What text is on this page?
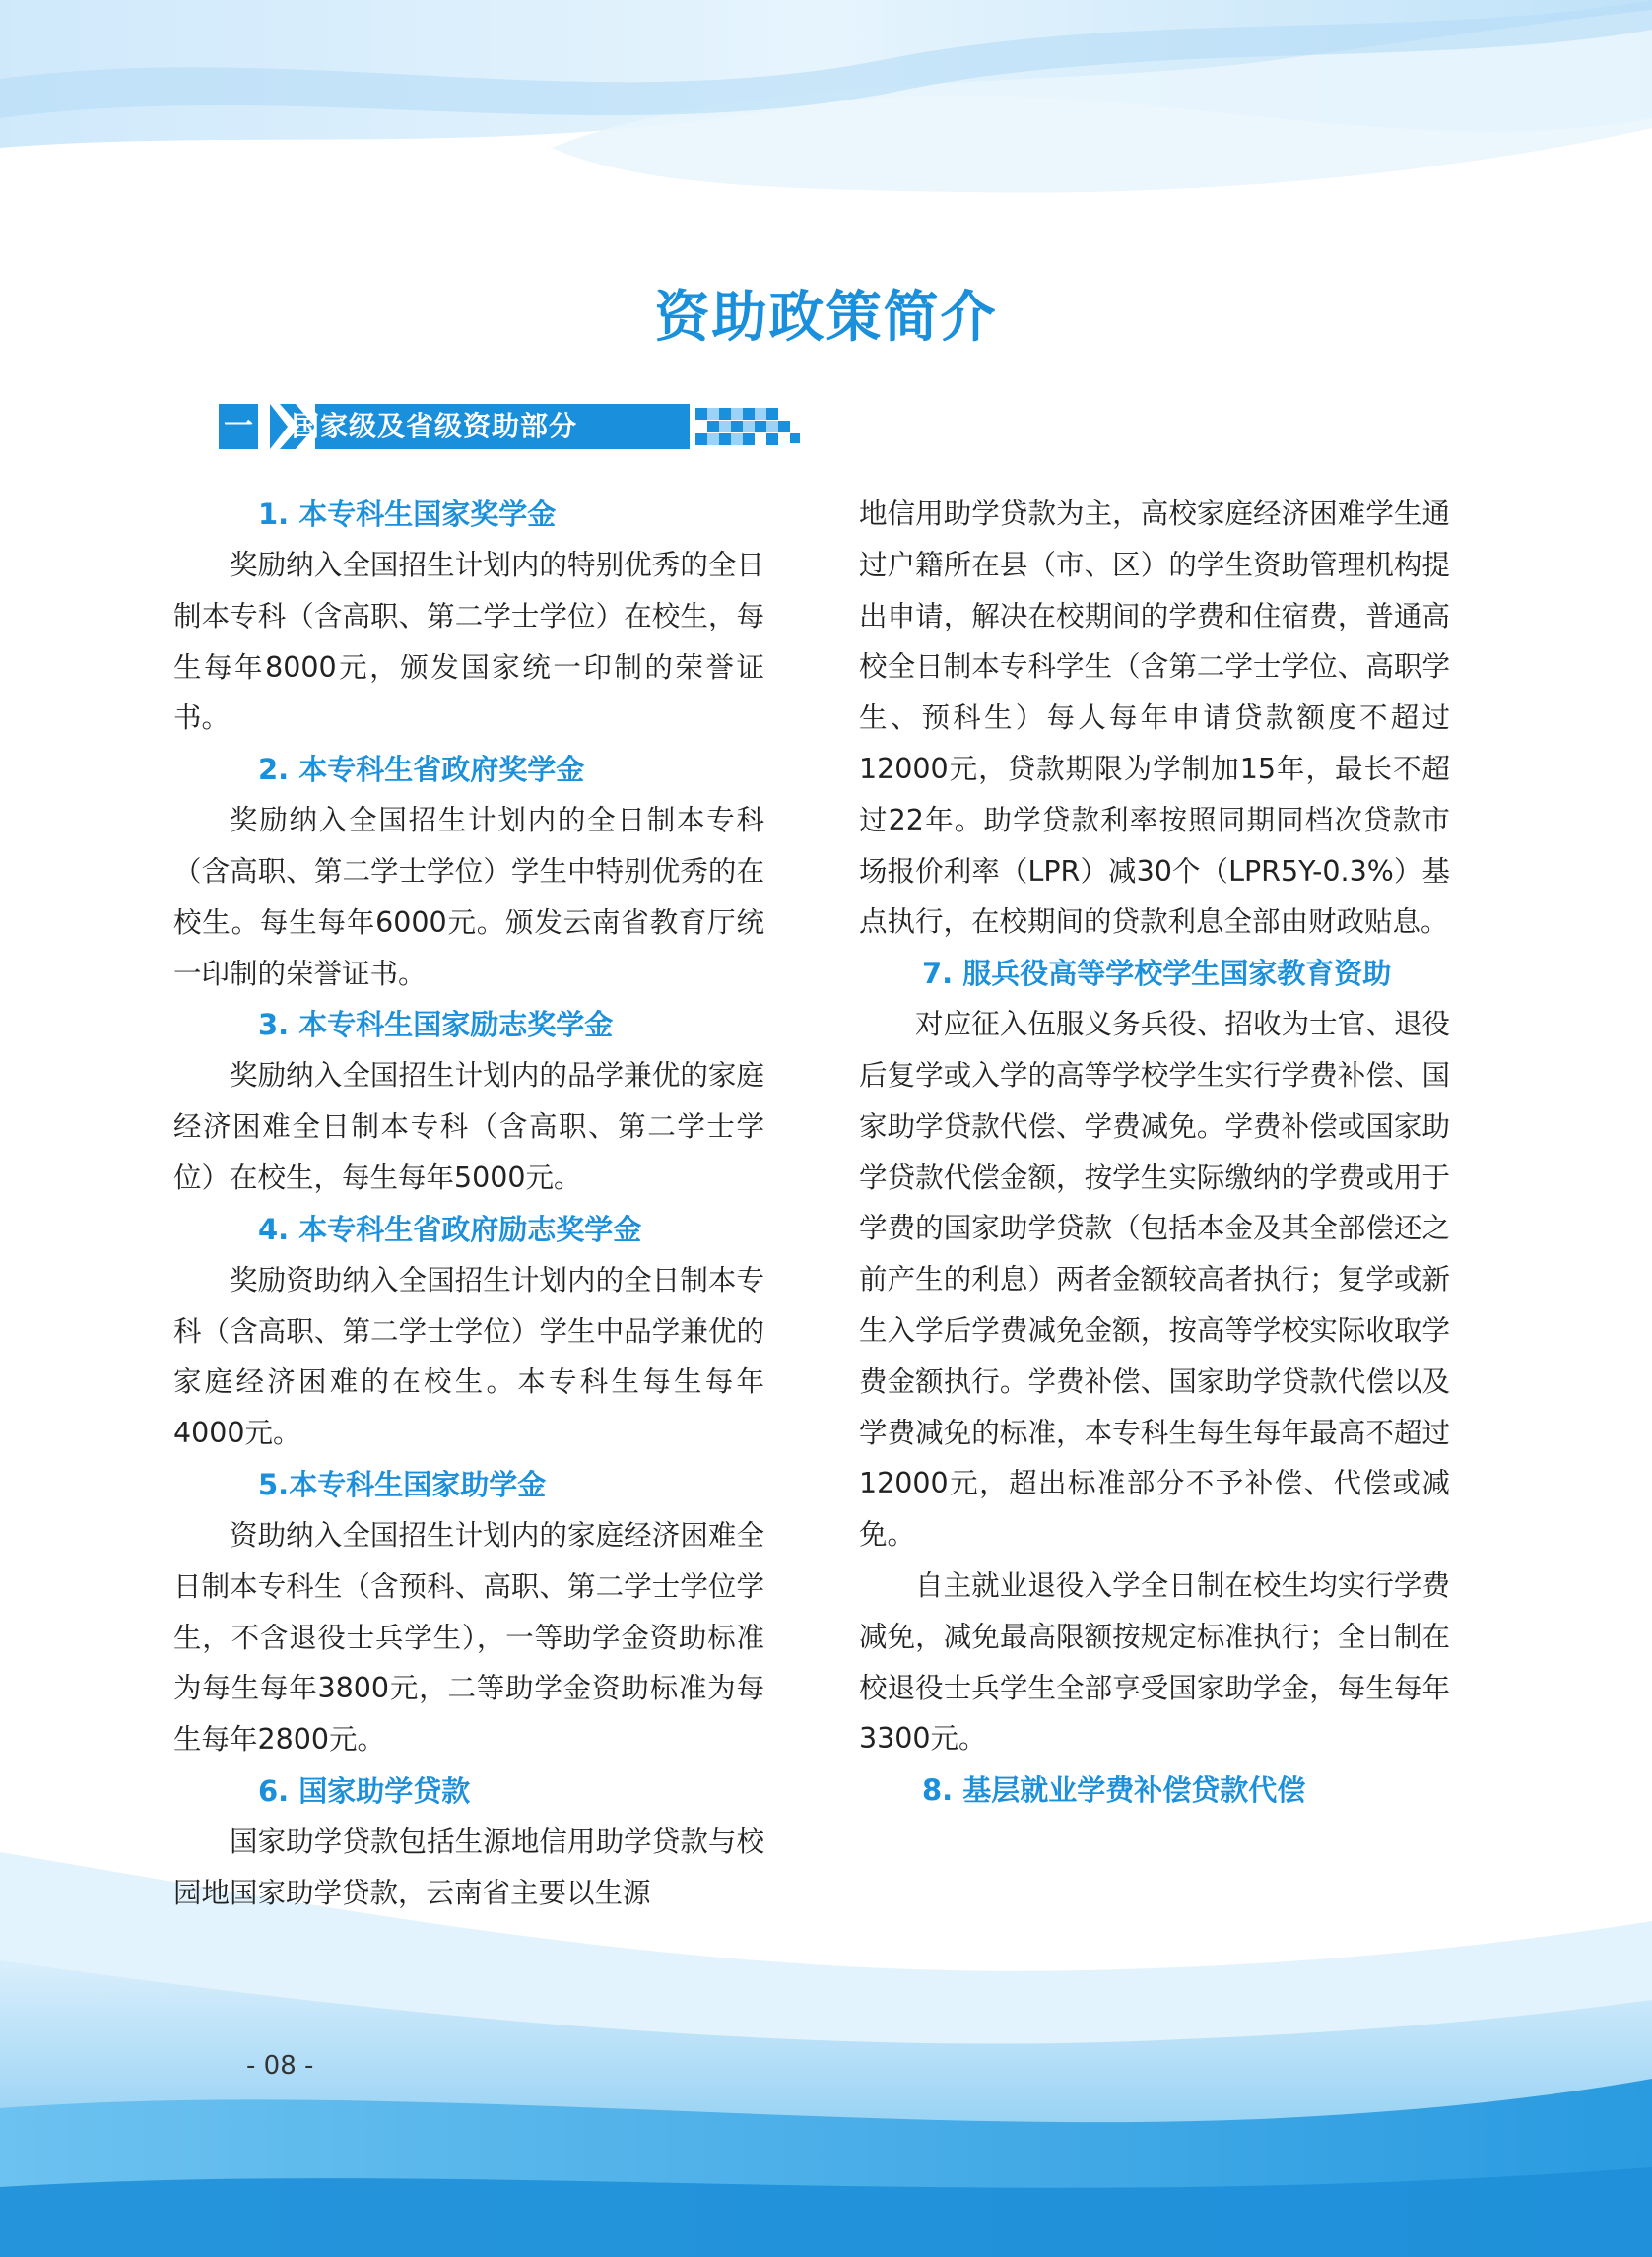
资助政策简介
一 国家级及省级资助部分
1. 本专科生国家奖学金

奖励纳入全国招生计划内的特别优秀的全日制本专科（含高职、第二学士学位）在校生，每生每年8000元，颁发国家统一印制的荣誉证书。

2. 本专科生省政府奖学金

奖励纳入全国招生计划内的全日制本专科（含高职、第二学士学位）学生中特别优秀的在校生。每生每年6000元。颁发云南省教育厅统一印制的荣誉证书。

3. 本专科生国家励志奖学金

奖励纳入全国招生计划内的品学兼优的家庭经济困难全日制本专科（含高职、第二学士学位）在校生，每生每年5000元。

4. 本专科生省政府励志奖学金

奖励资助纳入全国招生计划内的全日制本专科（含高职、第二学士学位）学生中品学兼优的家庭经济困难的在校生。本专科生每生每年4000元。

5.本专科生国家助学金

资助纳入全国招生计划内的家庭经济困难全日制本专科生（含预科、高职、第二学士学位学生，不含退役士兵学生），一等助学金资助标准为每生每年3800元，二等助学金资助标准为每生每年2800元。

6. 国家助学贷款

国家助学贷款包括生源地信用助学贷款与校园地国家助学贷款，云南省主要以生源

地信用助学贷款为主，高校家庭经济困难学生通过户籍所在县（市、区）的学生资助管理机构提出申请，解决在校期间的学费和住宿费，普通高校全日制本专科学生（含第二学士学位、高职学生、预科生）每人每年申请贷款额度不超过12000元，贷款期限为学制加15年，最长不超过22年。助学贷款利率按照同期同档次贷款市场报价利率（LPR）减30个（LPR5Y-0.3%）基点执行，在校期间的贷款利息全部由财政贴息。

7. 服兵役高等学校学生国家教育资助

对应征入伍服义务兵役、招收为士官、退役后复学或入学的高等学校学生实行学费补偿、国家助学贷款代偿、学费减免。学费补偿或国家助学贷款代偿金额，按学生实际缴纳的学费或用于学费的国家助学贷款（包括本金及其全部偿还之前产生的利息）两者金额较高者执行；复学或新生入学后学费减免金额，按高等学校实际收取学费金额执行。学费补偿、国家助学贷款代偿以及学费减免的标准，本专科生每生每年最高不超过12000元，超出标准部分不予补偿、代偿或减免。

自主就业退役入学全日制在校生均实行学费减免，减免最高限额按规定标准执行；全日制在校退役士兵学生全部享受国家助学金，每生每年3300元。

8. 基层就业学费补偿贷款代偿
- 08 -
